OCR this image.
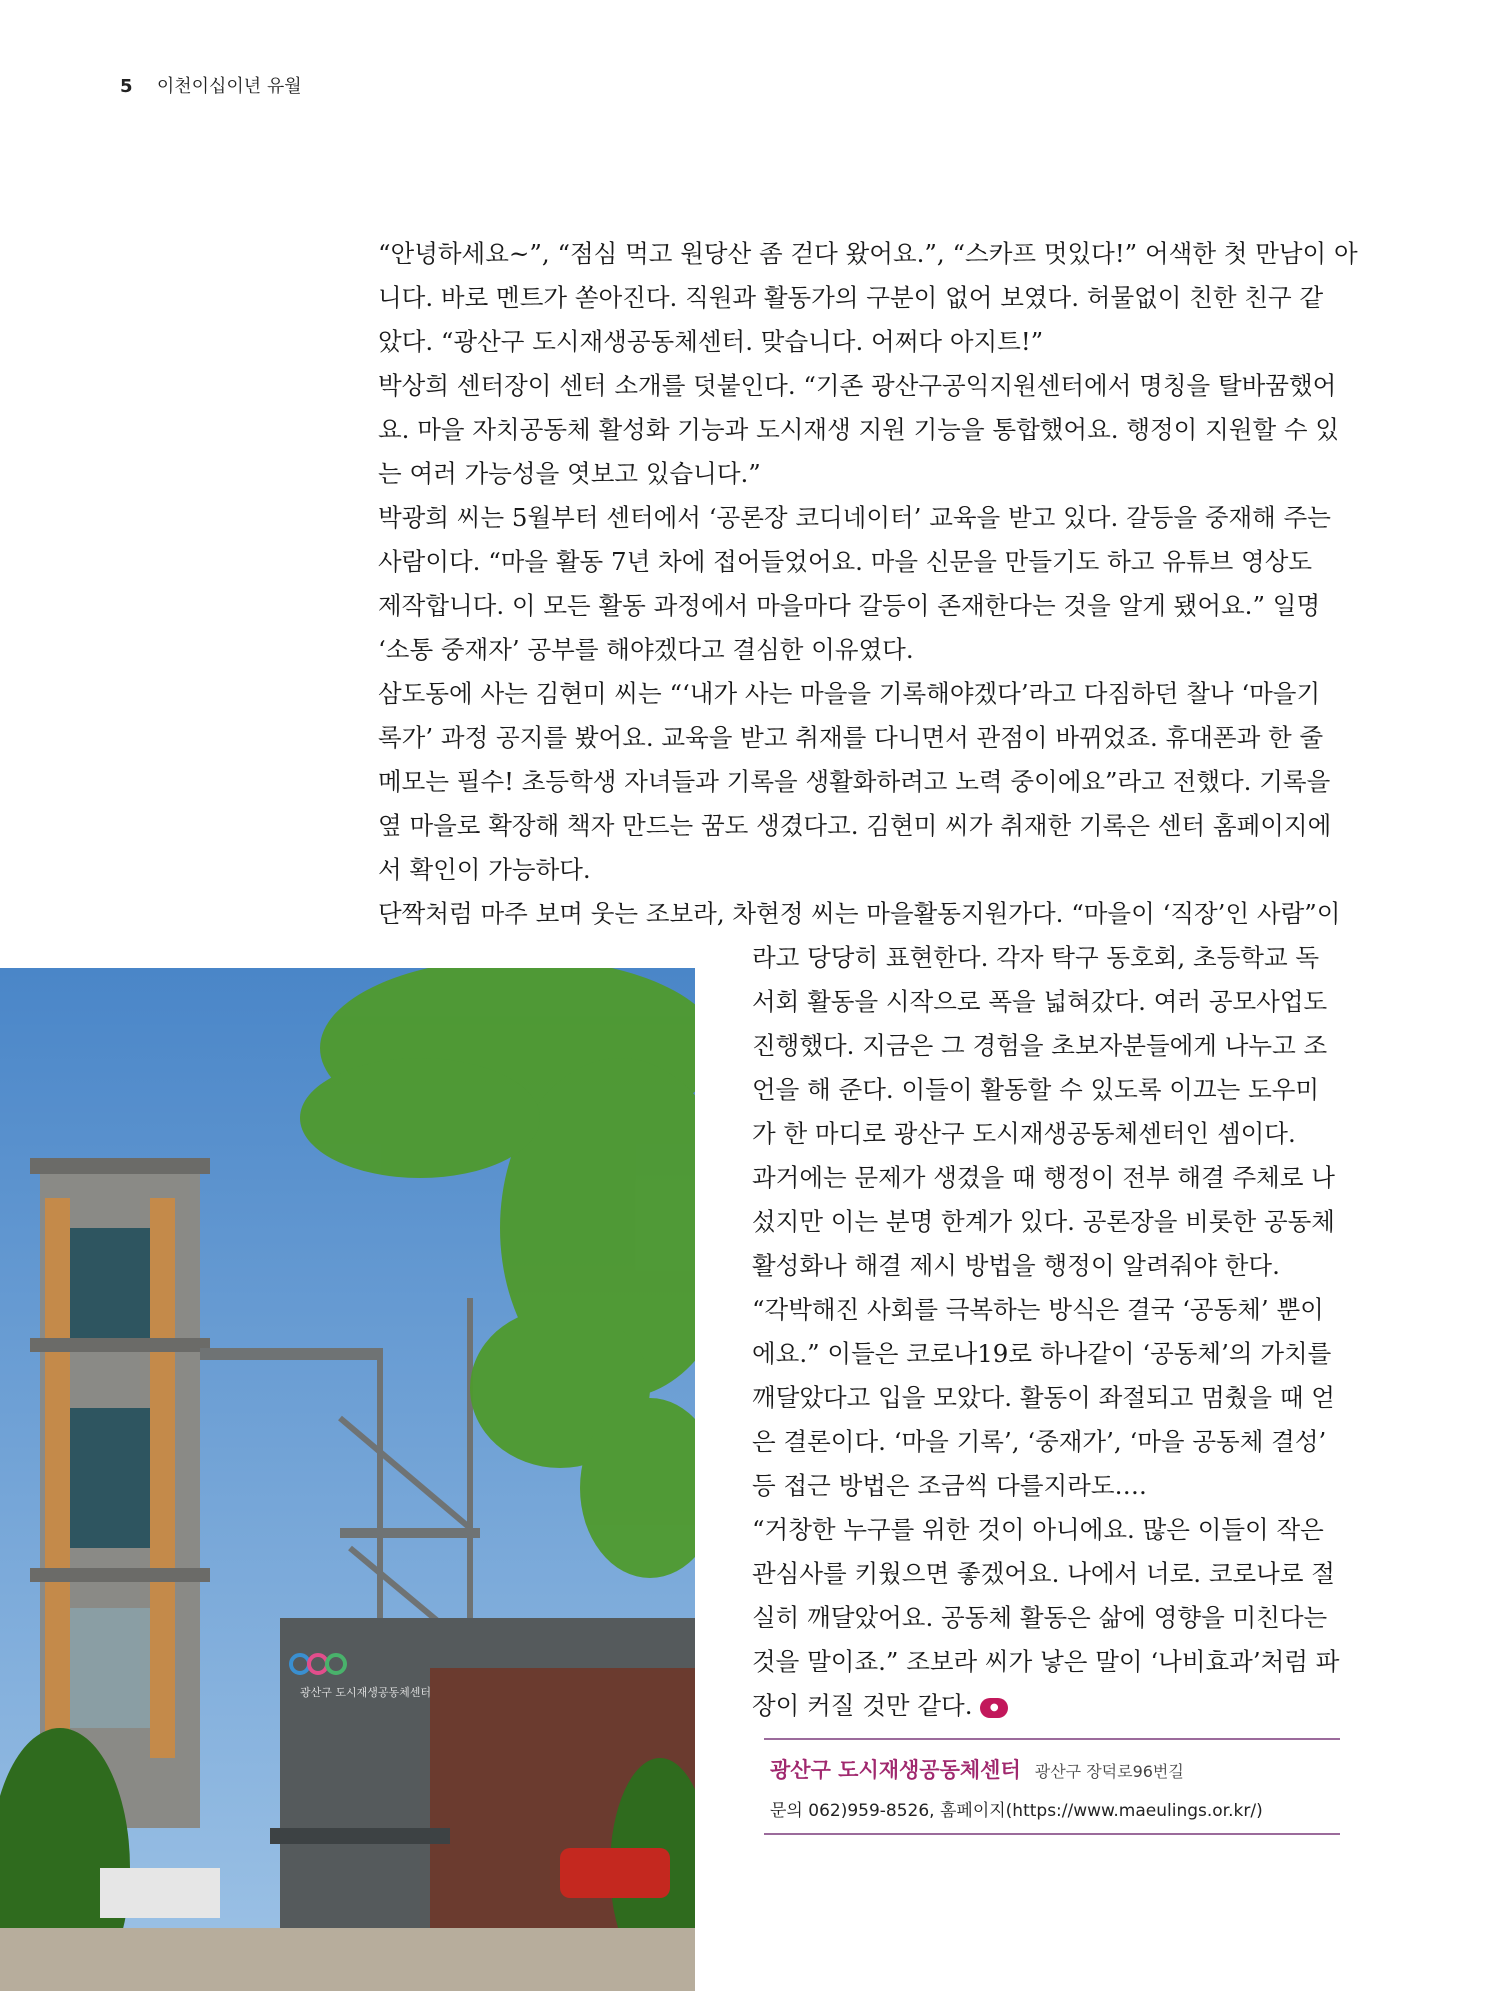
5 이천이십이년 유월
“안녕하세요~”, “점심 먹고 원당산 좀 걷다 왔어요.”, “스카프 멋있다!” 어색한 첫 만남이 아
니다. 바로 멘트가 쏟아진다. 직원과 활동가의 구분이 없어 보였다. 허물없이 친한 친구 같
았다. “광산구 도시재생공동체센터. 맞습니다. 어쩌다 아지트!”
박상희 센터장이 센터 소개를 덧붙인다. “기존 광산구공익지원센터에서 명칭을 탈바꿈했어
요. 마을 자치공동체 활성화 기능과 도시재생 지원 기능을 통합했어요. 행정이 지원할 수 있
는 여러 가능성을 엿보고 있습니다.”
박광희 씨는 5월부터 센터에서 ‘공론장 코디네이터’ 교육을 받고 있다. 갈등을 중재해 주는
사람이다. “마을 활동 7년 차에 접어들었어요. 마을 신문을 만들기도 하고 유튜브 영상도
제작합니다. 이 모든 활동 과정에서 마을마다 갈등이 존재한다는 것을 알게 됐어요.” 일명
‘소통 중재자’ 공부를 해야겠다고 결심한 이유였다.
삼도동에 사는 김현미 씨는 “‘내가 사는 마을을 기록해야겠다’라고 다짐하던 찰나 ‘마을기
록가’ 과정 공지를 봤어요. 교육을 받고 취재를 다니면서 관점이 바뀌었죠. 휴대폰과 한 줄
메모는 필수! 초등학생 자녀들과 기록을 생활화하려고 노력 중이에요”라고 전했다. 기록을
옆 마을로 확장해 책자 만드는 꿈도 생겼다고. 김현미 씨가 취재한 기록은 센터 홈페이지에
서 확인이 가능하다.
단짝처럼 마주 보며 웃는 조보라, 차현정 씨는 마을활동지원가다. “마을이 ‘직장’인 사람”이
라고 당당히 표현한다. 각자 탁구 동호회, 초등학교 독
서회 활동을 시작으로 폭을 넓혀갔다. 여러 공모사업도
진행했다. 지금은 그 경험을 초보자분들에게 나누고 조
언을 해 준다. 이들이 활동할 수 있도록 이끄는 도우미
가 한 마디로 광산구 도시재생공동체센터인 셈이다.
과거에는 문제가 생겼을 때 행정이 전부 해결 주체로 나
섰지만 이는 분명 한계가 있다. 공론장을 비롯한 공동체
활성화나 해결 제시 방법을 행정이 알려줘야 한다.
“각박해진 사회를 극복하는 방식은 결국 ‘공동체’ 뿐이
에요.” 이들은 코로나19로 하나같이 ‘공동체’의 가치를
깨달았다고 입을 모았다. 활동이 좌절되고 멈췄을 때 얻
은 결론이다. ‘마을 기록’, ‘중재가’, ‘마을 공동체 결성’
등 접근 방법은 조금씩 다를지라도….
“거창한 누구를 위한 것이 아니에요. 많은 이들이 작은
관심사를 키웠으면 좋겠어요. 나에서 너로. 코로나로 절
실히 깨달았어요. 공동체 활동은 삶에 영향을 미친다는
것을 말이죠.” 조보라 씨가 낳은 말이 ‘나비효과’처럼 파
장이 커질 것만 같다. ●
광산구 도시재생공동체센터
광산구 도시재생공동체센터 광산구 장덕로96번길
문의 062)959-8526, 홈페이지(https://www.maeulings.or.kr/)
